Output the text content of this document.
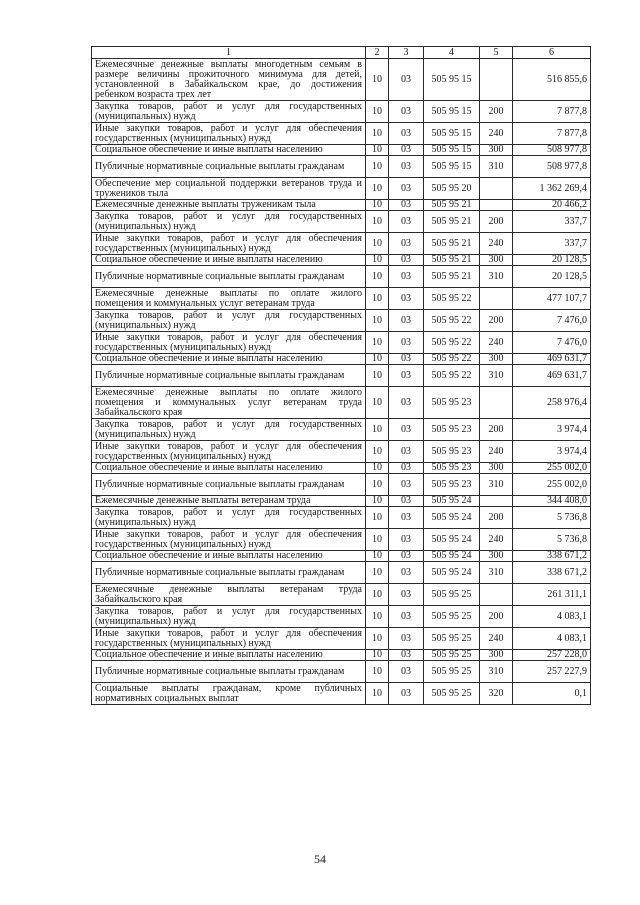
1	2	3	4	5	6
Ежемесячные денежные выплаты многодетным семьям в размере величины прожиточного минимума для детей, установленной в Забайкальском крае, до достижения ребенком возраста трех лет	10	03	505 95 15		516 855,6
Закупка товаров, работ и услуг для государственных (муниципальных) нужд	10	03	505 95 15	200	7 877,8
Иные закупки товаров, работ и услуг для обеспечения государственных (муниципальных) нужд	10	03	505 95 15	240	7 877,8
Социальное обеспечение и иные выплаты населению	10	03	505 95 15	300	508 977,8
Публичные нормативные социальные выплаты гражданам	10	03	505 95 15	310	508 977,8
Обеспечение мер социальной поддержки ветеранов труда и тружеников тыла	10	03	505 95 20		1 362 269,4
Ежемесячные денежные выплаты труженикам тыла	10	03	505 95 21		20 466,2
Закупка товаров, работ и услуг для государственных (муниципальных) нужд	10	03	505 95 21	200	337,7
Иные закупки товаров, работ и услуг для обеспечения государственных (муниципальных) нужд	10	03	505 95 21	240	337,7
Социальное обеспечение и иные выплаты населению	10	03	505 95 21	300	20 128,5
Публичные нормативные социальные выплаты гражданам	10	03	505 95 21	310	20 128,5
Ежемесячные денежные выплаты по оплате жилого помещения и коммунальных услуг ветеранам труда	10	03	505 95 22		477 107,7
Закупка товаров, работ и услуг для государственных (муниципальных) нужд	10	03	505 95 22	200	7 476,0
Иные закупки товаров, работ и услуг для обеспечения государственных (муниципальных) нужд	10	03	505 95 22	240	7 476,0
Социальное обеспечение и иные выплаты населению	10	03	505 95 22	300	469 631,7
Публичные нормативные социальные выплаты гражданам	10	03	505 95 22	310	469 631,7
Ежемесячные денежные выплаты по оплате жилого помещения и коммунальных услуг ветеранам труда Забайкальского края	10	03	505 95 23		258 976,4
Закупка товаров, работ и услуг для государственных (муниципальных) нужд	10	03	505 95 23	200	3 974,4
Иные закупки товаров, работ и услуг для обеспечения государственных (муниципальных) нужд	10	03	505 95 23	240	3 974,4
Социальное обеспечение и иные выплаты населению	10	03	505 95 23	300	255 002,0
Публичные нормативные социальные выплаты гражданам	10	03	505 95 23	310	255 002,0
Ежемесячные денежные выплаты ветеранам труда	10	03	505 95 24		344 408,0
Закупка товаров, работ и услуг для государственных (муниципальных) нужд	10	03	505 95 24	200	5 736,8
Иные закупки товаров, работ и услуг для обеспечения государственных (муниципальных) нужд	10	03	505 95 24	240	5 736,8
Социальное обеспечение и иные выплаты населению	10	03	505 95 24	300	338 671,2
Публичные нормативные социальные выплаты гражданам	10	03	505 95 24	310	338 671,2
Ежемесячные денежные выплаты ветеранам труда Забайкальского края	10	03	505 95 25		261 311,1
Закупка товаров, работ и услуг для государственных (муниципальных) нужд	10	03	505 95 25	200	4 083,1
Иные закупки товаров, работ и услуг для обеспечения государственных (муниципальных) нужд	10	03	505 95 25	240	4 083,1
Социальное обеспечение и иные выплаты населению	10	03	505 95 25	300	257 228,0
Публичные нормативные социальные выплаты гражданам	10	03	505 95 25	310	257 227,9
Социальные выплаты гражданам, кроме публичных нормативных социальных выплат	10	03	505 95 25	320	0,1
54
